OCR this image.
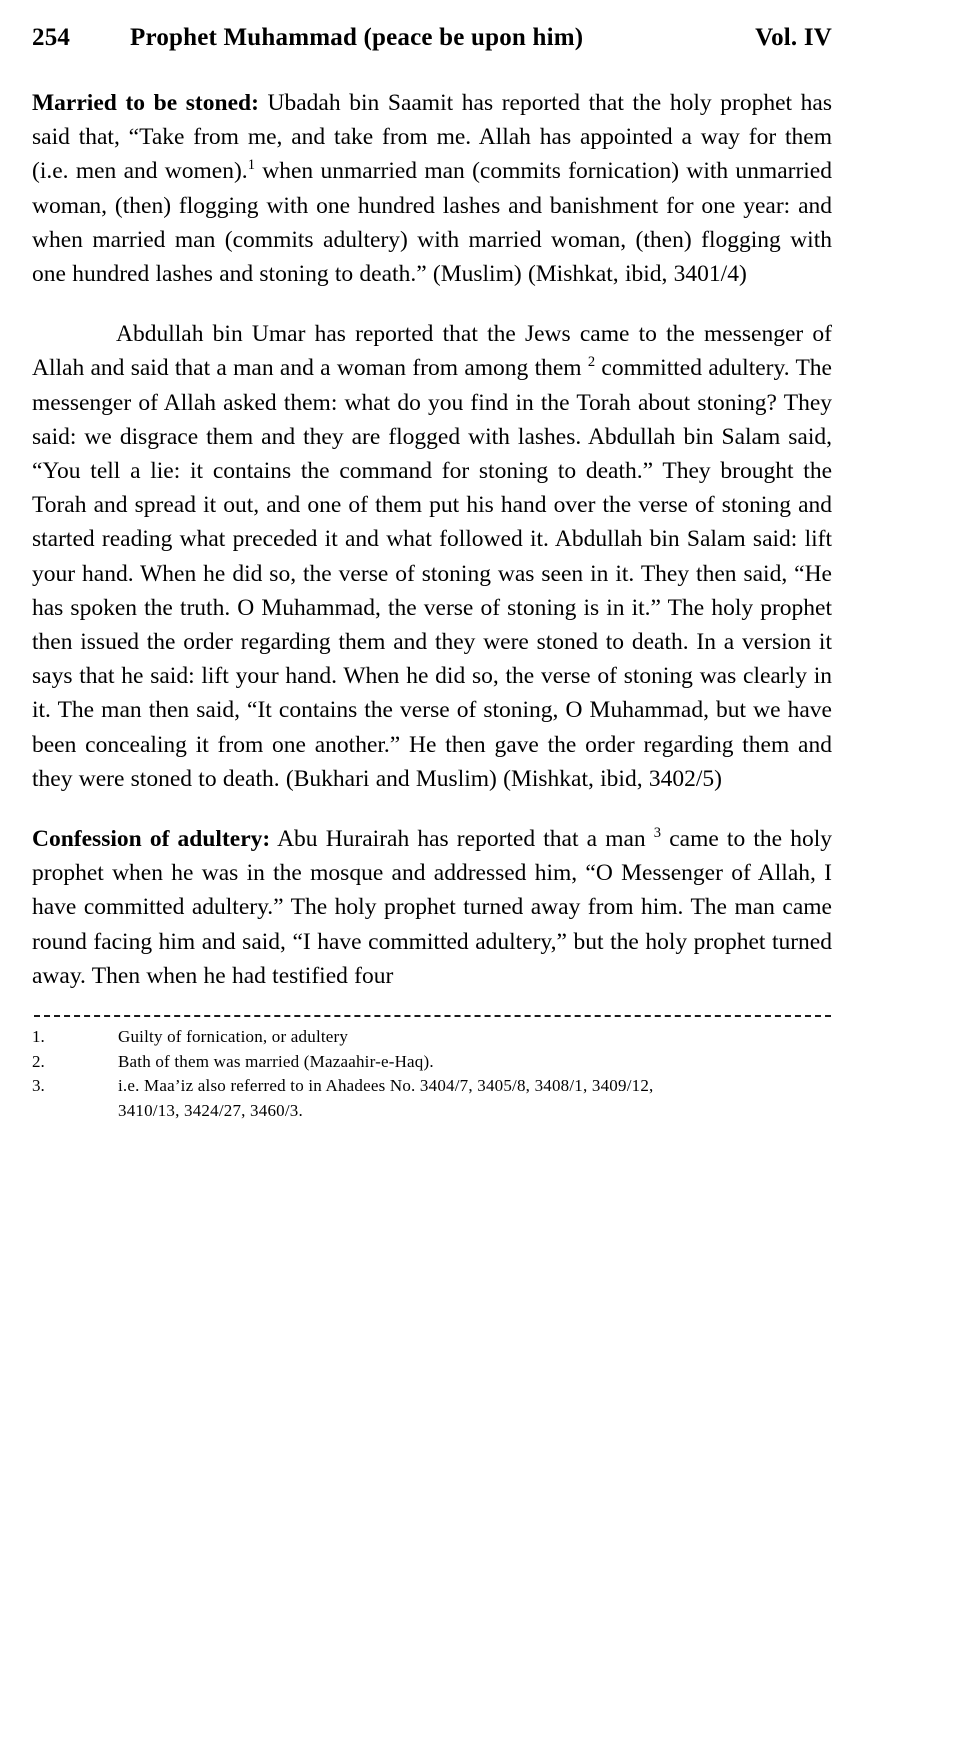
254	Prophet Muhammad (peace be upon him)	Vol. IV

Married to be stoned: Ubadah bin Saamit has reported that the holy prophet has said that, “Take from me, and take from me. Allah has appointed a way for them (i.e. men and women).$^1$ when unmarried man (commits fornication) with unmarried woman, (then) flogging with one hundred lashes and banishment for one year: and when married man (commits adultery) with married woman, (then) flogging with one hundred lashes and stoning to death.” (Muslim) (Mishkat, ibid, 3401/4)

Abdullah bin Umar has reported that the Jews came to the messenger of Allah and said that a man and a woman from among them $^2$ committed adultery. The messenger of Allah asked them: what do you find in the Torah about stoning? They said: we disgrace them and they are flogged with lashes. Abdullah bin Salam said, “You tell a lie: it contains the command for stoning to death.” They brought the Torah and spread it out, and one of them put his hand over the verse of stoning and started reading what preceded it and what followed it. Abdullah bin Salam said: lift your hand. When he did so, the verse of stoning was seen in it. They then said, “He has spoken the truth. O Muhammad, the verse of stoning is in it.” The holy prophet then issued the order regarding them and they were stoned to death. In a version it says that he said: lift your hand. When he did so, the verse of stoning was clearly in it. The man then said, “It contains the verse of stoning, O Muhammad, but we have been concealing it from one another.” He then gave the order regarding them and they were stoned to death. (Bukhari and Muslim) (Mishkat, ibid, 3402/5)

Confession of adultery: Abu Hurairah has reported that a man $^3$ came to the holy prophet when he was in the mosque and addressed him, “O Messenger of Allah, I have committed adultery.” The holy prophet turned away from him. The man came round facing him and said, “I have committed adultery,” but the holy prophet turned away. Then when he had testified four

1.	Guilty of fornication, or adultery
2.	Bath of them was married (Mazaahir-e-Haq).
3.	i.e. Maa’iz also referred to in Ahadees No. 3404/7, 3405/8, 3408/1, 3409/12,
3410/13, 3424/27, 3460/3.
